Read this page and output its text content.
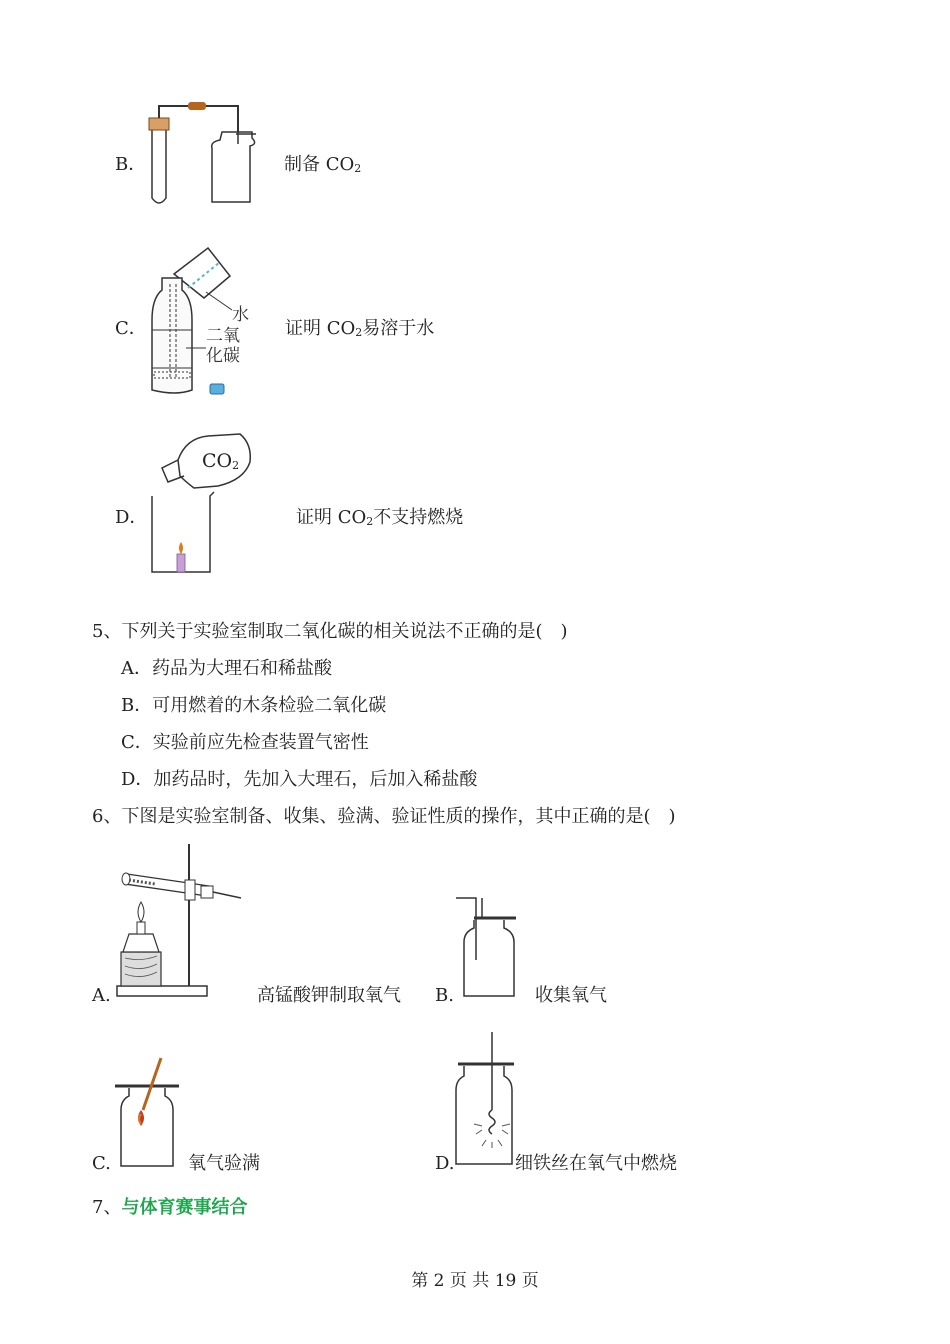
B．	制备 $CO_2$
C．
水
二氧
化碳
证明 $CO_2$易溶于水
D．
$CO_2$
证明 $CO_2$不支持燃烧
5、下列关于实验室制取二氧化碳的相关说法不正确的是(　)
A．药品为大理石和稀盐酸
B．可用燃着的木条检验二氧化碳
C．实验前应先检查装置气密性
D．加药品时，先加入大理石，后加入稀盐酸
6、下图是实验室制备、收集、验满、验证性质的操作，其中正确的是(　)
A.	高锰酸钾制取氧气 B.	收集氧气
C.	氧气验满	D.	细铁丝在氧气中燃烧
7、与体育赛事结合
第 2 页 共 19 页
